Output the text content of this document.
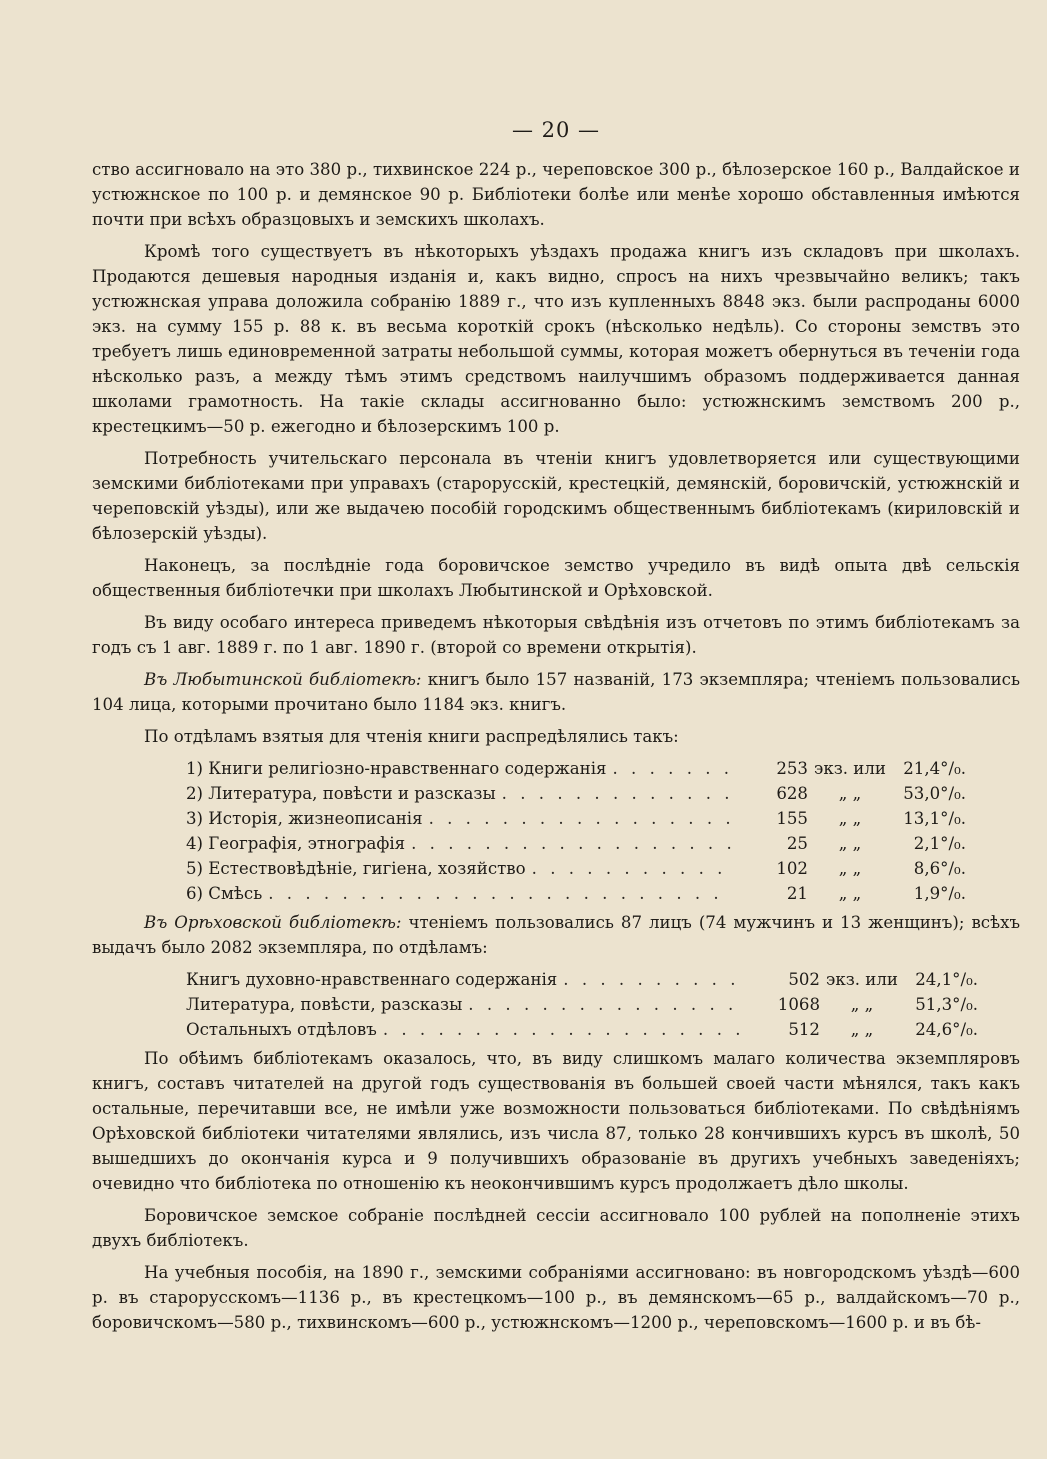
— 20 —

ство ассигновало на это 380 р., тихвинское 224 р., череповское 300 р., бѣлозерское 160 р., Валдайское и устюжнское по 100 р. и демянское 90 р. Библіотеки болѣе или менѣе хорошо обставленныя имѣются почти при всѣхъ образцовыхъ и земскихъ школахъ.

Кромѣ того существуетъ въ нѣкоторыхъ уѣздахъ продажа книгъ изъ складовъ при школахъ. Продаются дешевыя народныя изданія и, какъ видно, спросъ на нихъ чрезвычайно великъ; такъ устюжнская управа доложила собранію 1889 г., что изъ купленныхъ 8848 экз. были распроданы 6000 экз. на сумму 155 р. 88 к. въ весьма короткій срокъ (нѣсколько недѣль). Со стороны земствъ это требуетъ лишь единовременной затраты небольшой суммы, которая можетъ обернуться въ теченіи года нѣсколько разъ, а между тѣмъ этимъ средствомъ наилучшимъ образомъ поддерживается данная школами грамотность. На такіе склады ассигнованно было: устюжнскимъ земствомъ 200 р., крестецкимъ—50 р. ежегодно и бѣлозерскимъ 100 р.

Потребность учительскаго персонала въ чтеніи книгъ удовлетворяется или существующими земскими библіотеками при управахъ (старорусскій, крестецкій, демянскій, боровичскій, устюжнскій и череповскій уѣзды), или же выдачею пособій городскимъ общественнымъ библіотекамъ (кириловскій и бѣлозерскій уѣзды).

Наконецъ, за послѣдніе года боровичское земство учредило въ видѣ опыта двѣ сельскія общественныя библіотечки при школахъ Любытинской и Орѣховской.

Въ виду особаго интереса приведемъ нѣкоторыя свѣдѣнія изъ отчетовъ по этимъ библіотекамъ за годъ съ 1 авг. 1889 г. по 1 авг. 1890 г. (второй со времени открытія).

Въ Любытинской библіотекѣ: книгъ было 157 названій, 173 экземпляра; чтеніемъ пользовались 104 лица, которыми прочитано было 1184 экз. книгъ.

По отдѣламъ взятыя для чтенія книги распредѣлялись такъ:

1) Книги религіозно-нравственнаго содержанія . . .	253 экз. или	21,4°/₀.
2) Литература, повѣсти и разсказы . . .	628	„ „	53,0°/₀.
3) Исторія, жизнеописанія . . .	155	„ „	13,1°/₀.
4) Географія, этнографія . . .	25	„ „	2,1°/₀.
5) Естествовѣдѣніе, гигіена, хозяйство . . .	102	„ „	8,6°/₀.
6) Смѣсь . . .	21	„ „	1,9°/₀.

Въ Орѣховской библіотекѣ: чтеніемъ пользовались 87 лицъ (74 мужчинъ и 13 женщинъ); всѣхъ выдачъ было 2082 экземпляра, по отдѣламъ:

Книгъ духовно-нравственнаго содержанія . . .	502 экз. или	24,1°/₀.
Литература, повѣсти, разсказы . . .	1068	„ „	51,3°/₀.
Остальныхъ отдѣловъ . . .	512	„ „	24,6°/₀.

По обѣимъ библіотекамъ оказалось, что, въ виду слишкомъ малаго количества экземпляровъ книгъ, составъ читателей на другой годъ существованія въ большей своей части мѣнялся, такъ какъ остальные, перечитавши все, не имѣли уже возможности пользоваться библіотеками. По свѣдѣніямъ Орѣховской библіотеки читателями являлись, изъ числа 87, только 28 кончившихъ курсъ въ школѣ, 50 вышедшихъ до окончанія курса и 9 получившихъ образованіе въ другихъ учебныхъ заведеніяхъ; очевидно что библіотека по отношенію къ неокончившимъ курсъ продолжаетъ дѣло школы.

Боровичское земское собраніе послѣдней сессіи ассигновало 100 рублей на пополненіе этихъ двухъ библіотекъ.

На учебныя пособія, на 1890 г., земскими собраніями ассигновано: въ новгородскомъ уѣздѣ—600 р. въ старорусскомъ—1136 р., въ крестецкомъ—100 р., въ демянскомъ—65 р., валдайскомъ—70 р., боровичскомъ—580 р., тихвинскомъ—600 р., устюжнскомъ—1200 р., череповскомъ—1600 р. и въ бѣ-
